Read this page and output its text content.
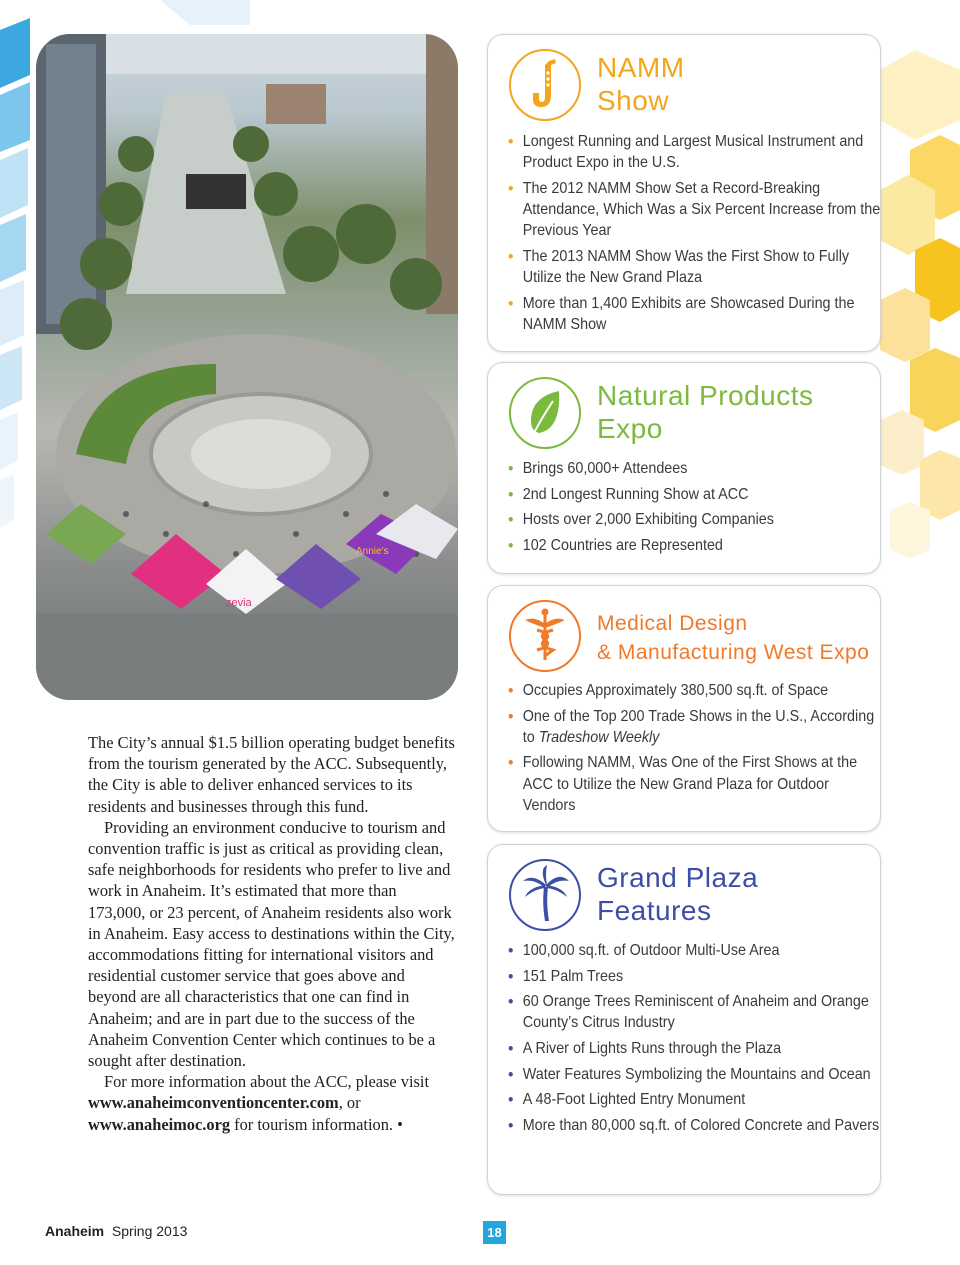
zevia
Annie's

The City’s annual $1.5 billion operating budget benefits from the tourism generated by the ACC. Subsequently, the City is able to deliver enhanced services to its residents and businesses through this fund.

Providing an environment conducive to tourism and convention traffic is just as critical as providing clean, safe neighborhoods for residents who prefer to live and work in Anaheim. It’s estimated that more than 173,000, or 23 percent, of Anaheim residents also work in Anaheim. Easy access to destinations within the City, accommodations fitting for international visitors and residential customer service that goes above and beyond are all characteristics that one can find in Anaheim; and are in part due to the success of the Anaheim Convention Center which continues to be a sought after destination.

For more information about the ACC, please visit www.anaheimconventioncenter.com, or www.anaheimoc.org for tourism information. •

NAMM
Show
• Longest Running and Largest Musical Instrument and Product Expo in the U.S.
• The 2012 NAMM Show Set a Record-Breaking Attendance, Which Was a Six Percent Increase from the Previous Year
• The 2013 NAMM Show Was the First Show to Fully Utilize the New Grand Plaza
• More than 1,400 Exhibits are Showcased During the NAMM Show
Natural Products
Expo
• Brings 60,000+ Attendees
• 2nd Longest Running Show at ACC
• Hosts over 2,000 Exhibiting Companies
• 102 Countries are Represented
Medical Design
& Manufacturing West Expo
• Occupies Approximately 380,500 sq.ft. of Space
• One of the Top 200 Trade Shows in the U.S., According to Tradeshow Weekly
• Following NAMM, Was One of the First Shows at the ACC to Utilize the New Grand Plaza for Outdoor Vendors
Grand Plaza
Features
• 100,000 sq.ft. of Outdoor Multi-Use Area
• 151 Palm Trees
• 60 Orange Trees Reminiscent of Anaheim and Orange County’s Citrus Industry
• A River of Lights Runs through the Plaza
• Water Features Symbolizing the Mountains and Ocean
• A 48-Foot Lighted Entry Monument
• More than 80,000 sq.ft. of Colored Concrete and Pavers
Anaheim Spring 2013	18
